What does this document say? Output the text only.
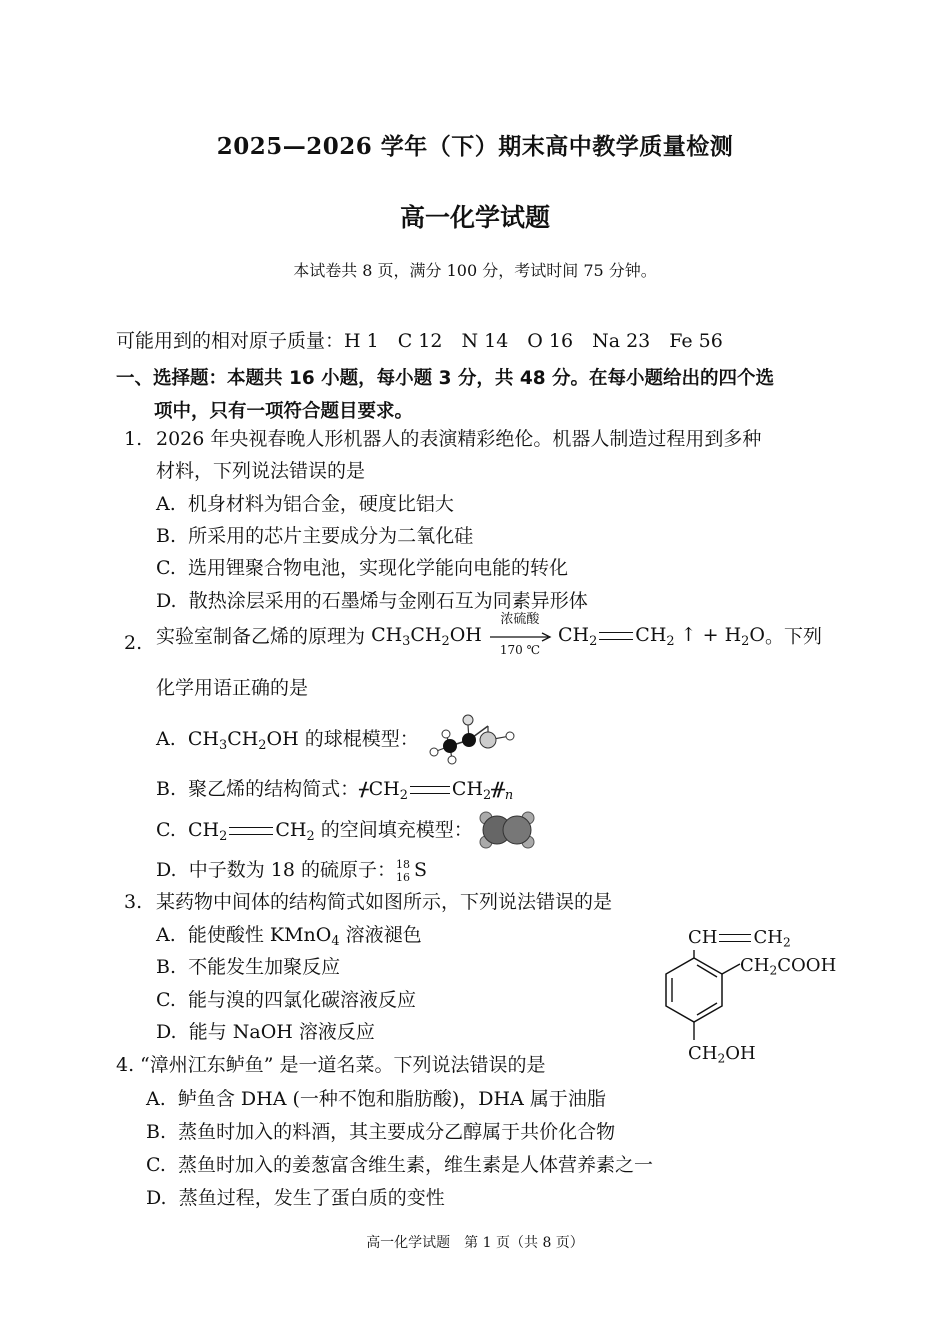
2025—2026 学年（下）期末高中教学质量检测
高一化学试题
本试卷共 8 页，满分 100 分，考试时间 75 分钟。
可能用到的相对原子质量：H 1　C 12　N 14　O 16　Na 23　Fe 56
一、选择题：本题共 16 小题，每小题 3 分，共 48 分。在每小题给出的四个选
项中，只有一项符合题目要求。
1. 2026 年央视春晚人形机器人的表演精彩绝伦。机器人制造过程用到多种
材料，下列说法错误的是
A. 机身材料为铝合金，硬度比铝大
B. 所采用的芯片主要成分为二氧化硅
C. 选用锂聚合物电池，实现化学能向电能的转化
D. 散热涂层采用的石墨烯与金刚石互为同素异形体
2. 实验室制备乙烯的原理为 $CH_3CH_2OH$
浓硫酸
170 ℃
$CH_2$ $CH_2$ ↑ + $H_2O$。下列
化学用语正确的是
A. $CH_3CH_2OH$ 的球棍模型：
B. 聚乙烯的结构简式：ᚋCH$_2$ $CH_2ᚌ_n$
C. $CH_2$	$CH_2$ 的空间填充模型：
D. 中子数为 18 的硫原子： 18
16 S
3. 某药物中间体的结构简式如图所示，下列说法错误的是
A. 能使酸性 KMnO$_4$ 溶液褪色
B. 不能发生加聚反应
C. 能与溴的四氯化碳溶液反应
D. 能与 NaOH 溶液反应
CH $CH_2$
$CH_2COOH$
$CH_2OH$
4. “漳州江东鲈鱼” 是一道名菜。下列说法错误的是
A. 鲈鱼含 DHA (一种不饱和脂肪酸)，DHA 属于油脂
B. 蒸鱼时加入的料酒，其主要成分乙醇属于共价化合物
C. 蒸鱼时加入的姜葱富含维生素，维生素是人体营养素之一
D. 蒸鱼过程，发生了蛋白质的变性
高一化学试题　第 1 页（共 8 页）
